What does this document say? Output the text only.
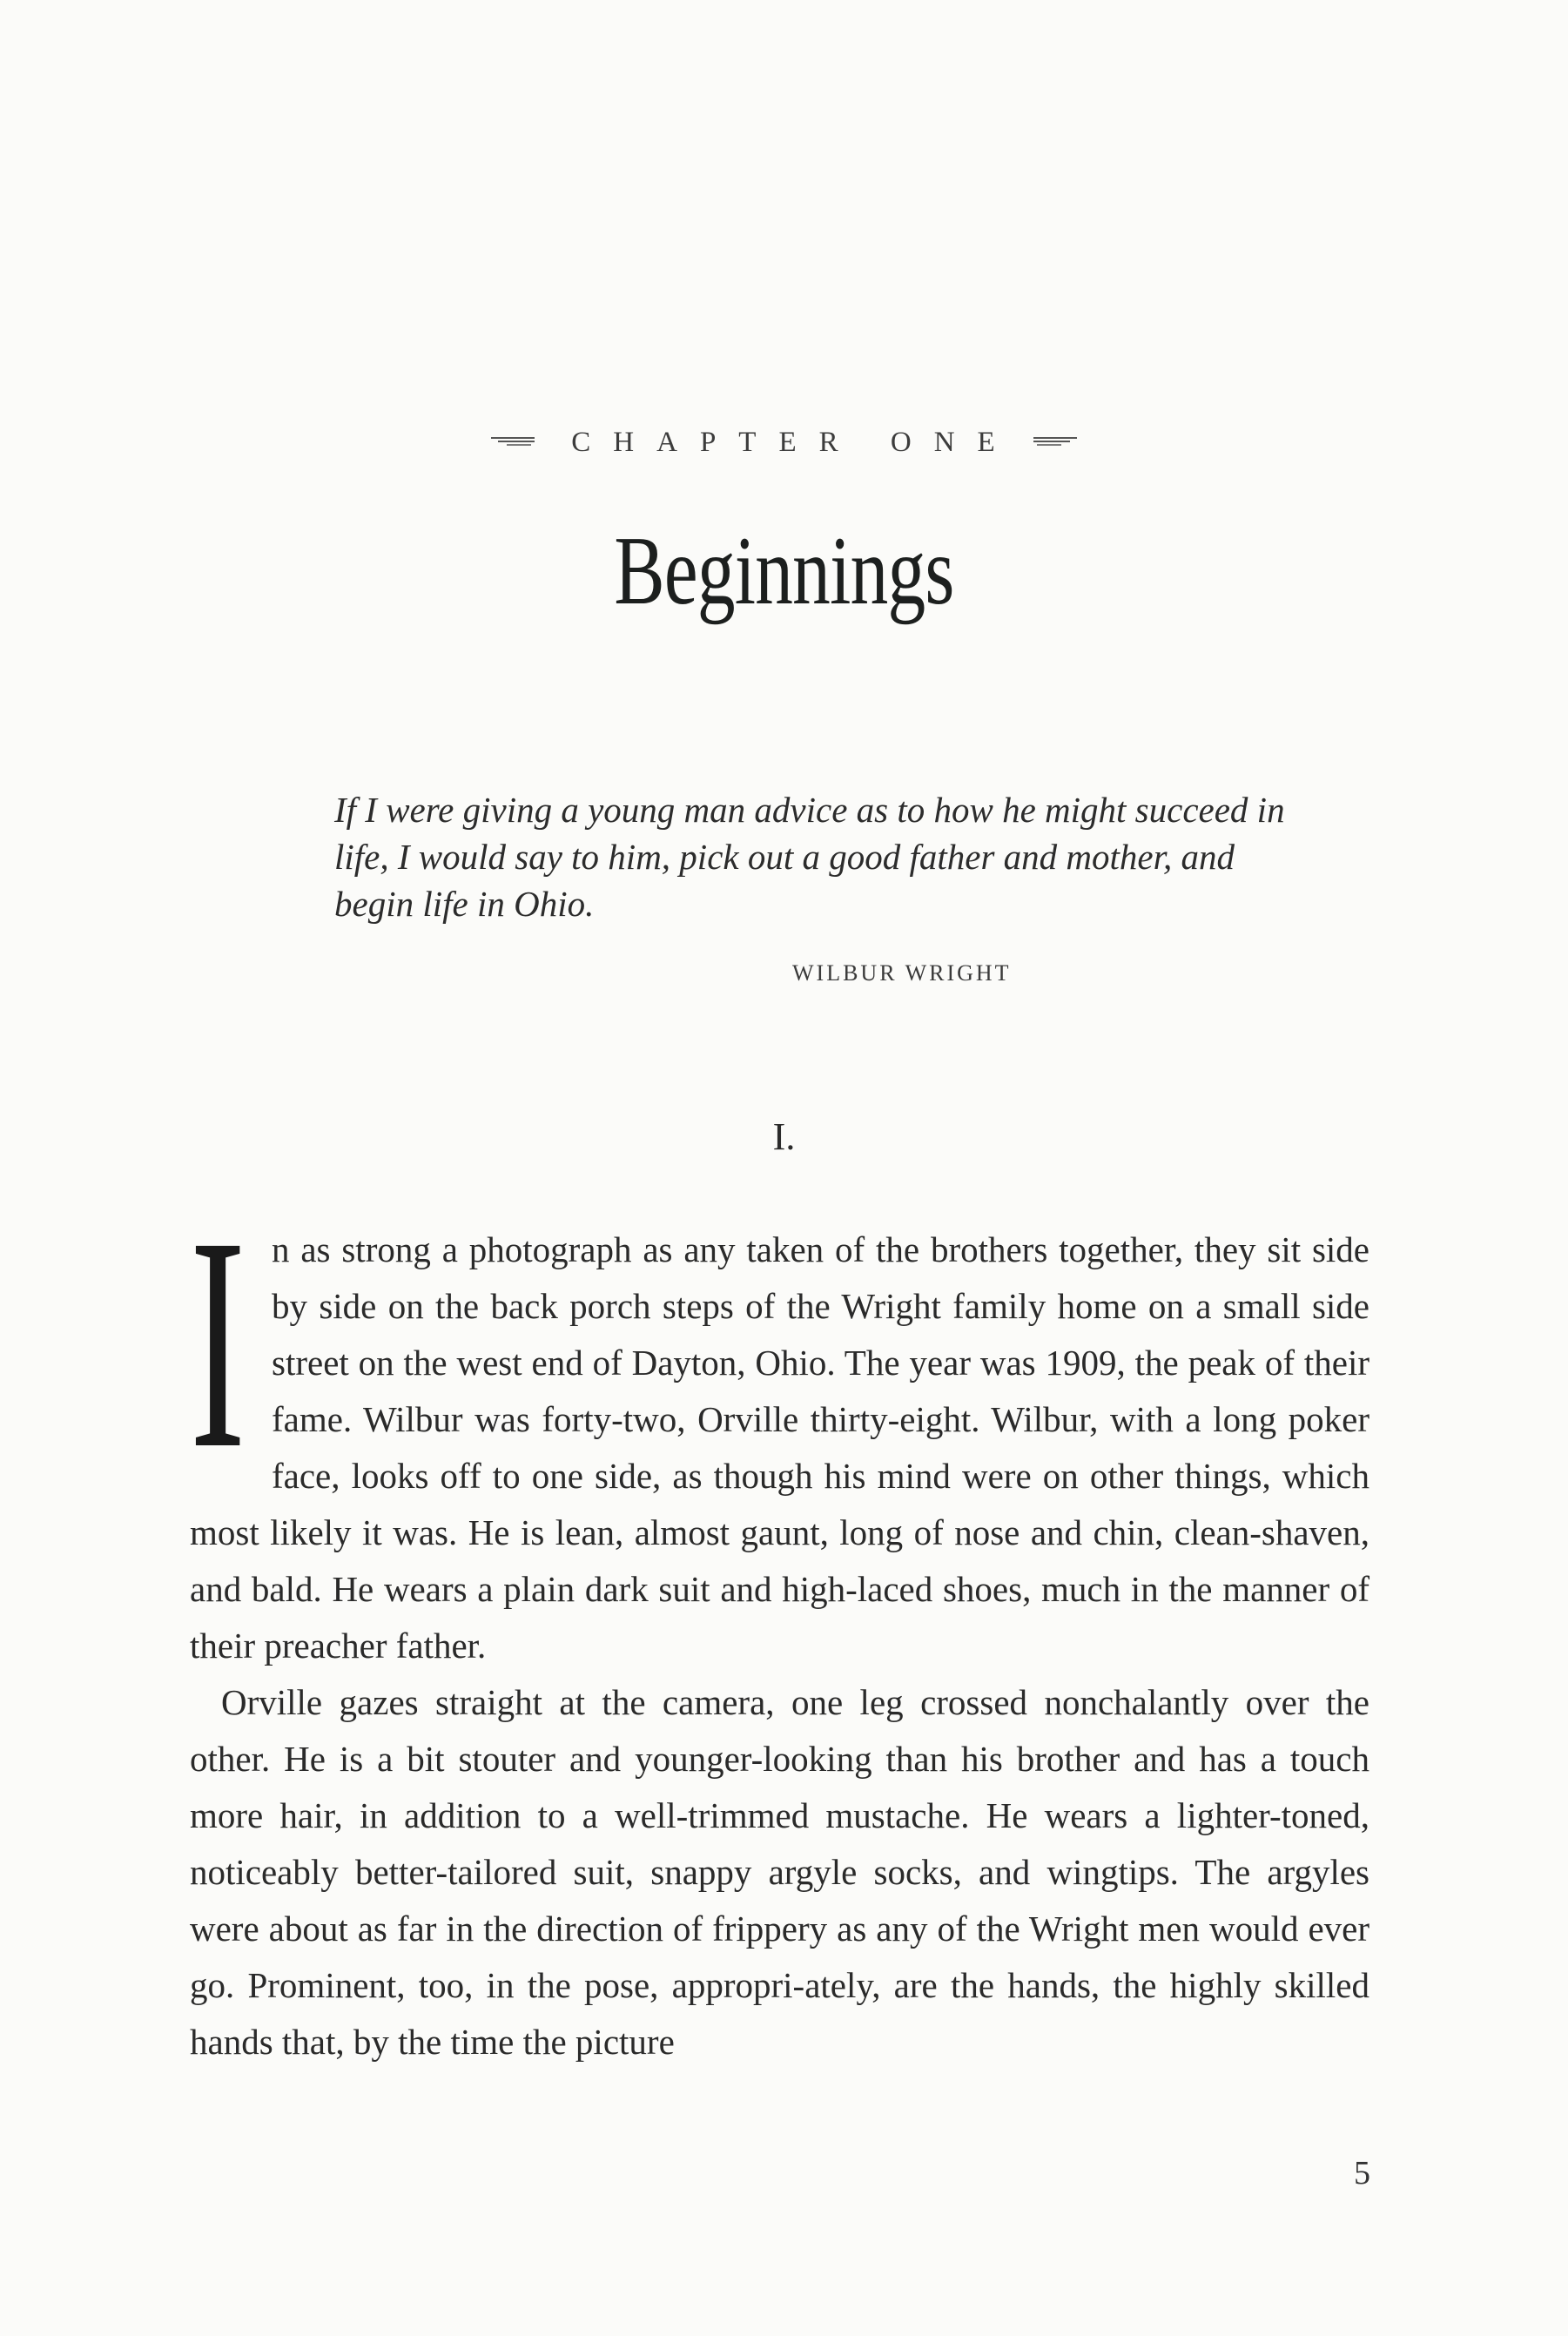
CHAPTER ONE
Beginnings
If I were giving a young man advice as to how he might succeed in life, I would say to him, pick out a good father and mother, and begin life in Ohio.
WILBUR WRIGHT
I.

In as strong a photograph as any taken of the brothers together, they sit side by side on the back porch steps of the Wright family home on a small side street on the west end of Dayton, Ohio. The year was 1909, the peak of their fame. Wilbur was forty-two, Orville thirty-eight. Wilbur, with a long poker face, looks off to one side, as though his mind were on other things, which most likely it was. He is lean, almost gaunt, long of nose and chin, clean-shaven, and bald. He wears a plain dark suit and high-laced shoes, much in the manner of their preacher father.

Orville gazes straight at the camera, one leg crossed nonchalantly over the other. He is a bit stouter and younger-looking than his brother and has a touch more hair, in addition to a well-trimmed mustache. He wears a lighter-toned, noticeably better-tailored suit, snappy argyle socks, and wingtips. The argyles were about as far in the direction of frippery as any of the Wright men would ever go. Prominent, too, in the pose, appropri-ately, are the hands, the highly skilled hands that, by the time the picture

5
